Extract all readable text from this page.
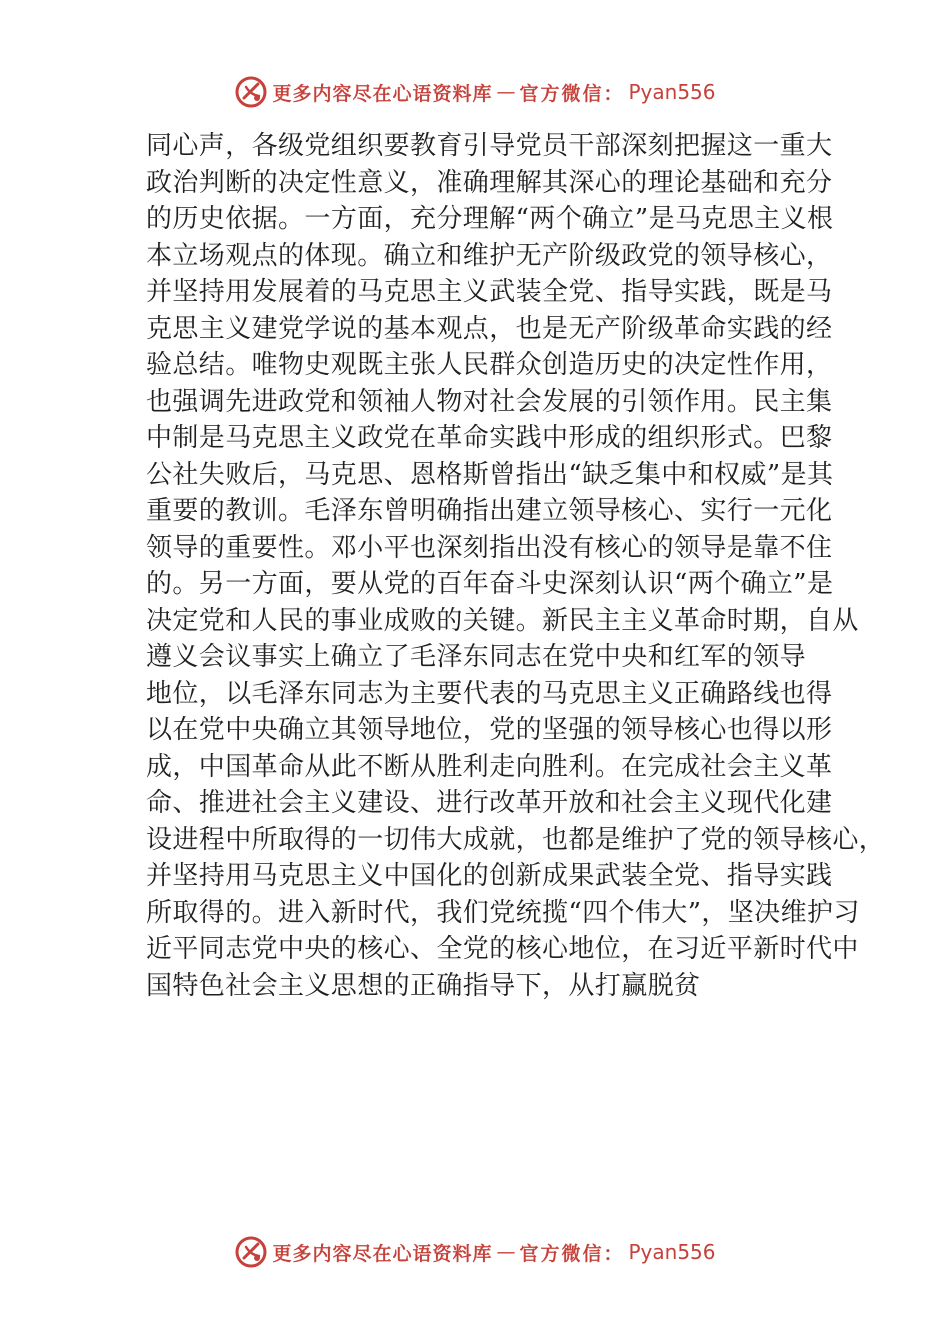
更多内容尽在心语资料库 — 官方微信： Pyan556
同心声，各级党组织要教育引导党员干部深刻把握这一重大
政治判断的决定性意义，准确理解其深心的理论基础和充分
的历史依据。一方面，充分理解“两个确立”是马克思主义根
本立场观点的体现。确立和维护无产阶级政党的领导核心，
并坚持用发展着的马克思主义武装全党、指导实践，既是马
克思主义建党学说的基本观点，也是无产阶级革命实践的经
验总结。唯物史观既主张人民群众创造历史的决定性作用，
也强调先进政党和领袖人物对社会发展的引领作用。民主集
中制是马克思主义政党在革命实践中形成的组织形式。巴黎
公社失败后，马克思、恩格斯曾指出“缺乏集中和权威”是其
重要的教训。毛泽东曾明确指出建立领导核心、实行一元化
领导的重要性。邓小平也深刻指出没有核心的领导是靠不住
的。另一方面，要从党的百年奋斗史深刻认识“两个确立”是
决定党和人民的事业成败的关键。新民主主义革命时期，自从
遵义会议事实上确立了毛泽东同志在党中央和红军的领导
地位，以毛泽东同志为主要代表的马克思主义正确路线也得
以在党中央确立其领导地位，党的坚强的领导核心也得以形
成，中国革命从此不断从胜利走向胜利。在完成社会主义革
命、推进社会主义建设、进行改革开放和社会主义现代化建
设进程中所取得的一切伟大成就，也都是维护了党的领导核心，
并坚持用马克思主义中国化的创新成果武装全党、指导实践
所取得的。进入新时代，我们党统揽“四个伟大”，坚决维护习
近平同志党中央的核心、全党的核心地位，在习近平新时代中
国特色社会主义思想的正确指导下，从打赢脱贫
更多内容尽在心语资料库 — 官方微信： Pyan556
